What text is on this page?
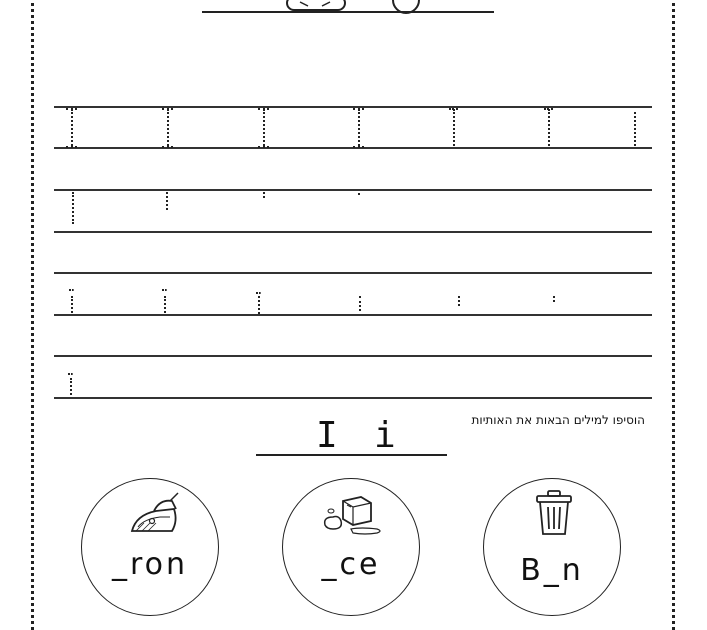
הוסיפו למילים הבאות את האותיות
I i
_ron	_ce	B_n
